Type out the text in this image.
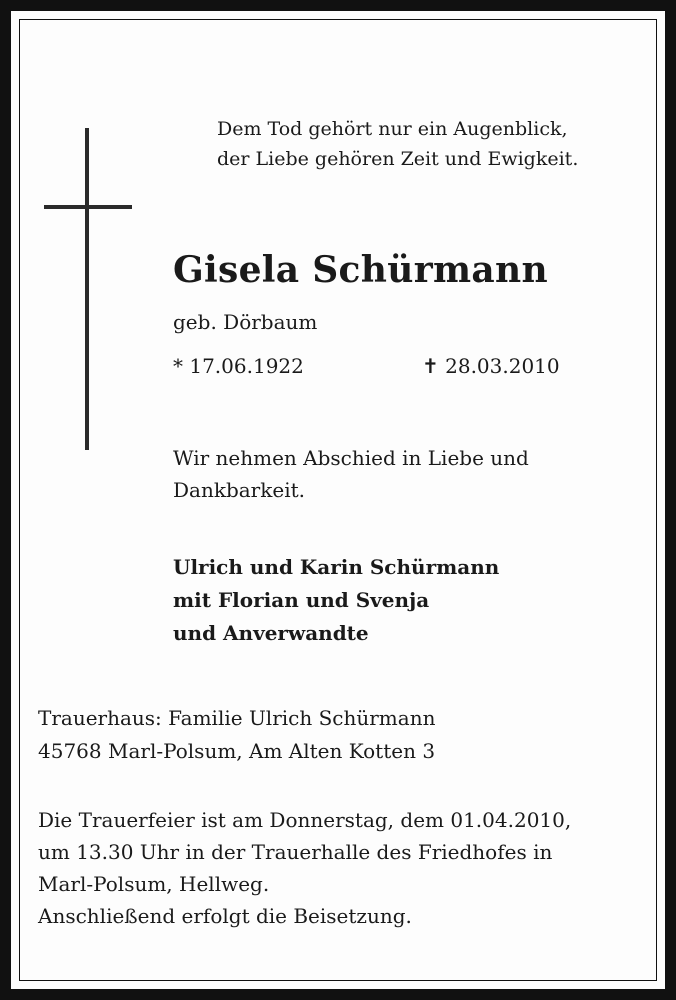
Dem Tod gehört nur ein Augenblick,
der Liebe gehören Zeit und Ewigkeit.
Gisela Schürmann
geb. Dörbaum
* 17.06.1922	✝ 28.03.2010
Wir nehmen Abschied in Liebe und
Dankbarkeit.
Ulrich und Karin Schürmann
mit Florian und Svenja
und Anverwandte
Trauerhaus: Familie Ulrich Schürmann
45768 Marl-Polsum, Am Alten Kotten 3
Die Trauerfeier ist am Donnerstag, dem 01.04.2010,
um 13.30 Uhr in der Trauerhalle des Friedhofes in
Marl-Polsum, Hellweg.
Anschließend erfolgt die Beisetzung.
